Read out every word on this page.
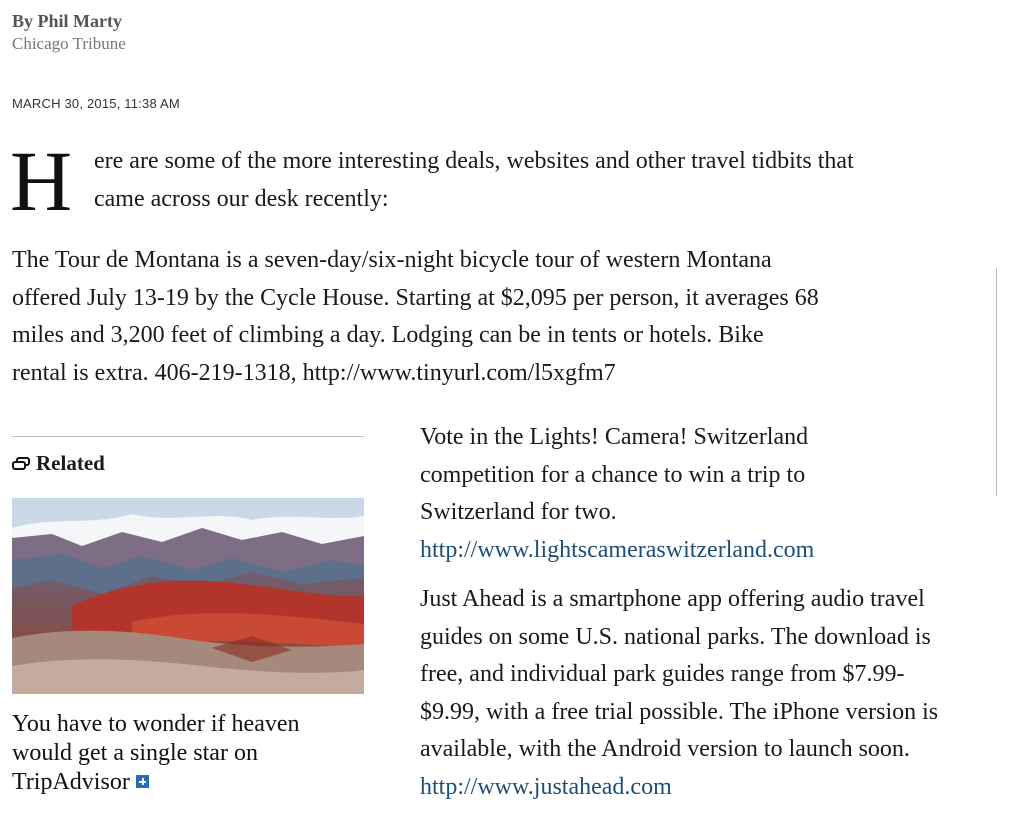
By Phil Marty
Chicago Tribune
MARCH 30, 2015, 11:38 AM
H ere are some of the more interesting deals, websites and other travel tidbits that
came across our desk recently:
The Tour de Montana is a seven-day/six-night bicycle tour of western Montana
offered July 13-19 by the Cycle House. Starting at $2,095 per person, it averages 68
miles and 3,200 feet of climbing a day. Lodging can be in tents or hotels. Bike
rental is extra. 406-219-1318, http://www.tinyurl.com/l5xgfm7
Related
You have to wonder if heaven
would get a single star on
TripAdvisor

Vote in the Lights! Camera! Switzerland
competition for a chance to win a trip to
Switzerland for two.
http://www.lightscameraswitzerland.com

Just Ahead is a smartphone app offering audio travel
guides on some U.S. national parks. The download is
free, and individual park guides range from $7.99-
$9.99, with a free trial possible. The iPhone version is
available, with the Android version to launch soon.
http://www.justahead.com
